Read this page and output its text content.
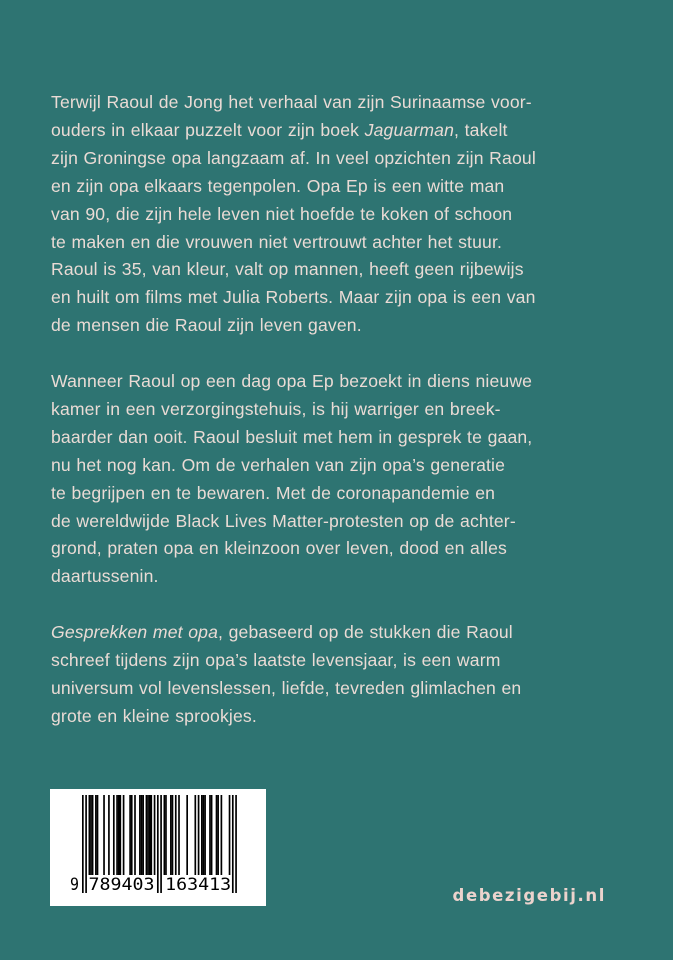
Terwijl Raoul de Jong het verhaal van zijn Surinaamse voor-
ouders in elkaar puzzelt voor zijn boek Jaguarman, takelt
zijn Groningse opa langzaam af. In veel opzichten zijn Raoul
en zijn opa elkaars tegenpolen. Opa Ep is een witte man
van 90, die zijn hele leven niet hoefde te koken of schoon
te maken en die vrouwen niet vertrouwt achter het stuur.
Raoul is 35, van kleur, valt op mannen, heeft geen rijbewijs
en huilt om films met Julia Roberts. Maar zijn opa is een van
de mensen die Raoul zijn leven gaven.
Wanneer Raoul op een dag opa Ep bezoekt in diens nieuwe
kamer in een verzorgingstehuis, is hij warriger en breek-
baarder dan ooit. Raoul besluit met hem in gesprek te gaan,
nu het nog kan. Om de verhalen van zijn opa’s generatie
te begrijpen en te bewaren. Met de coronapandemie en
de wereldwijde Black Lives Matter-protesten op de achter-
grond, praten opa en kleinzoon over leven, dood en alles
daartussenin.
Gesprekken met opa, gebaseerd op de stukken die Raoul
schreef tijdens zijn opa’s laatste levensjaar, is een warm
universum vol levenslessen, liefde, tevreden glimlachen en
grote en kleine sprookjes.
9 789403 163413
debezigebij.nl
